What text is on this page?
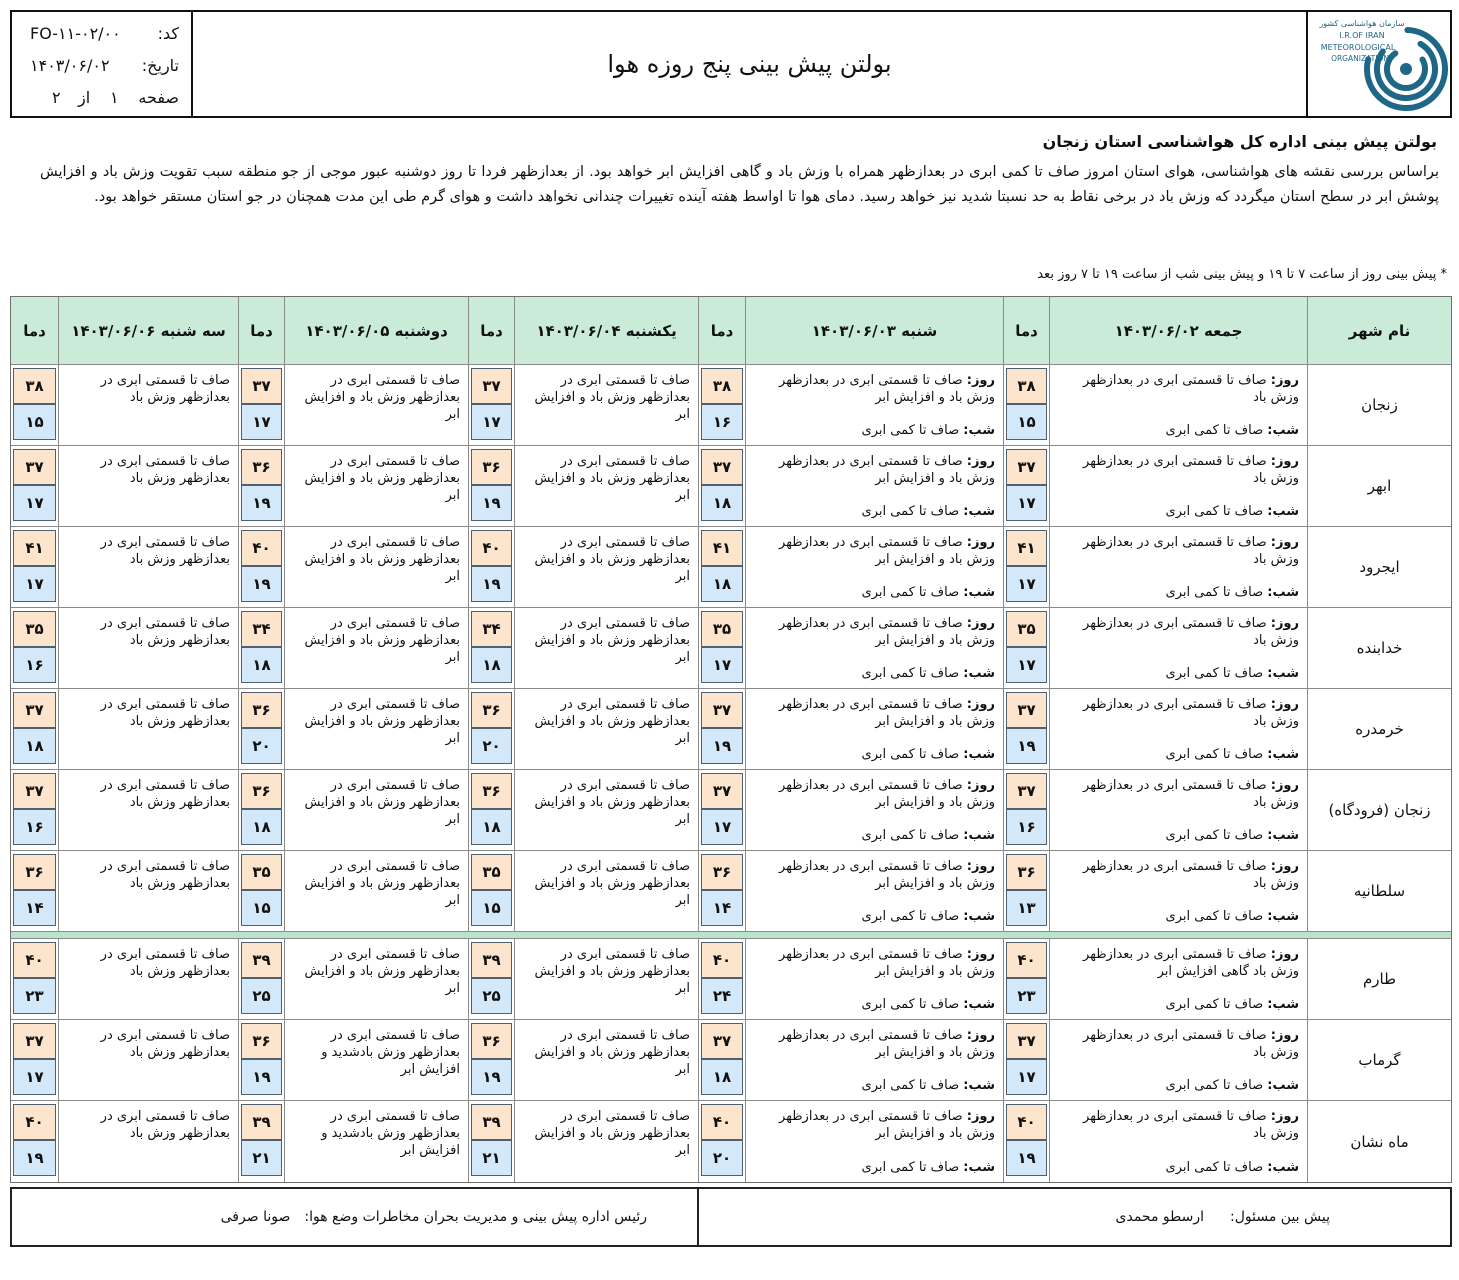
کد:
FO-۱۱-۰۲/۰۰
تاریخ:
۱۴۰۳/۰۶/۰۲
صفحه
۱
از
۲
بولتن پیش بینی پنج روزه هوا
سازمان هواشناسی کشور
I.R.OF IRAN
METEOROLOGICAL
ORGANIZATION
بولتن پیش بینی اداره کل هواشناسی استان زنجان
براساس بررسی نقشه های هواشناسی، هوای استان امروز صاف تا کمی ابری در بعدازظهر همراه با وزش باد و گاهی افزایش ابر خواهد بود. از بعدازظهر فردا تا روز دوشنبه عبور موجی از جو منطقه سبب تقویت وزش باد و افزایش پوشش ابر در سطح استان میگردد که وزش باد در برخی نقاط به حد نسبتا شدید نیز خواهد رسید. دمای هوا تا اواسط هفته آینده تغییرات چندانی نخواهد داشت و هوای گرم طی این مدت همچنان در جو استان مستقر خواهد بود.
* پیش بینی روز از ساعت ۷ تا ۱۹ و پیش بینی شب از ساعت ۱۹ تا ۷ روز بعد
نام شهر
جمعه ۱۴۰۳/۰۶/۰۲
دما
شنبه ۱۴۰۳/۰۶/۰۳
دما
یکشنبه ۱۴۰۳/۰۶/۰۴
دما
دوشنبه ۱۴۰۳/۰۶/۰۵
دما
سه شنبه ۱۴۰۳/۰۶/۰۶
دما
زنجان
روز: صاف تا قسمتی ابری در بعدازظهر وزش باد
شب: صاف تا کمی ابری
۳۸
۱۵
روز: صاف تا قسمتی ابری در بعدازظهر وزش باد و افزایش ابر
شب: صاف تا کمی ابری
۳۸
۱۶
صاف تا قسمتی ابری در بعدازظهر وزش باد و افزایش ابر
۳۷
۱۷
صاف تا قسمتی ابری در بعدازظهر وزش باد و افزایش ابر
۳۷
۱۷
صاف تا قسمتی ابری در بعدازظهر وزش باد
۳۸
۱۵
ابهر
روز: صاف تا قسمتی ابری در بعدازظهر وزش باد
شب: صاف تا کمی ابری
۳۷
۱۷
روز: صاف تا قسمتی ابری در بعدازظهر وزش باد و افزایش ابر
شب: صاف تا کمی ابری
۳۷
۱۸
صاف تا قسمتی ابری در بعدازظهر وزش باد و افزایش ابر
۳۶
۱۹
صاف تا قسمتی ابری در بعدازظهر وزش باد و افزایش ابر
۳۶
۱۹
صاف تا قسمتی ابری در بعدازظهر وزش باد
۳۷
۱۷
ایجرود
روز: صاف تا قسمتی ابری در بعدازظهر وزش باد
شب: صاف تا کمی ابری
۴۱
۱۷
روز: صاف تا قسمتی ابری در بعدازظهر وزش باد و افزایش ابر
شب: صاف تا کمی ابری
۴۱
۱۸
صاف تا قسمتی ابری در بعدازظهر وزش باد و افزایش ابر
۴۰
۱۹
صاف تا قسمتی ابری در بعدازظهر وزش باد و افزایش ابر
۴۰
۱۹
صاف تا قسمتی ابری در بعدازظهر وزش باد
۴۱
۱۷
خدابنده
روز: صاف تا قسمتی ابری در بعدازظهر وزش باد
شب: صاف تا کمی ابری
۳۵
۱۷
روز: صاف تا قسمتی ابری در بعدازظهر وزش باد و افزایش ابر
شب: صاف تا کمی ابری
۳۵
۱۷
صاف تا قسمتی ابری در بعدازظهر وزش باد و افزایش ابر
۳۴
۱۸
صاف تا قسمتی ابری در بعدازظهر وزش باد و افزایش ابر
۳۴
۱۸
صاف تا قسمتی ابری در بعدازظهر وزش باد
۳۵
۱۶
خرمدره
روز: صاف تا قسمتی ابری در بعدازظهر وزش باد
شب: صاف تا کمی ابری
۳۷
۱۹
روز: صاف تا قسمتی ابری در بعدازظهر وزش باد و افزایش ابر
شب: صاف تا کمی ابری
۳۷
۱۹
صاف تا قسمتی ابری در بعدازظهر وزش باد و افزایش ابر
۳۶
۲۰
صاف تا قسمتی ابری در بعدازظهر وزش باد و افزایش ابر
۳۶
۲۰
صاف تا قسمتی ابری در بعدازظهر وزش باد
۳۷
۱۸
زنجان (فرودگاه)
روز: صاف تا قسمتی ابری در بعدازظهر وزش باد
شب: صاف تا کمی ابری
۳۷
۱۶
روز: صاف تا قسمتی ابری در بعدازظهر وزش باد و افزایش ابر
شب: صاف تا کمی ابری
۳۷
۱۷
صاف تا قسمتی ابری در بعدازظهر وزش باد و افزایش ابر
۳۶
۱۸
صاف تا قسمتی ابری در بعدازظهر وزش باد و افزایش ابر
۳۶
۱۸
صاف تا قسمتی ابری در بعدازظهر وزش باد
۳۷
۱۶
سلطانیه
روز: صاف تا قسمتی ابری در بعدازظهر وزش باد
شب: صاف تا کمی ابری
۳۶
۱۳
روز: صاف تا قسمتی ابری در بعدازظهر وزش باد و افزایش ابر
شب: صاف تا کمی ابری
۳۶
۱۴
صاف تا قسمتی ابری در بعدازظهر وزش باد و افزایش ابر
۳۵
۱۵
صاف تا قسمتی ابری در بعدازظهر وزش باد و افزایش ابر
۳۵
۱۵
صاف تا قسمتی ابری در بعدازظهر وزش باد
۳۶
۱۴
طارم
روز: صاف تا قسمتی ابری در بعدازظهر وزش باد گاهی افزایش ابر
شب: صاف تا کمی ابری
۴۰
۲۳
روز: صاف تا قسمتی ابری در بعدازظهر وزش باد و افزایش ابر
شب: صاف تا کمی ابری
۴۰
۲۴
صاف تا قسمتی ابری در بعدازظهر وزش باد و افزایش ابر
۳۹
۲۵
صاف تا قسمتی ابری در بعدازظهر وزش باد و افزایش ابر
۳۹
۲۵
صاف تا قسمتی ابری در بعدازظهر وزش باد
۴۰
۲۳
گرماب
روز: صاف تا قسمتی ابری در بعدازظهر وزش باد
شب: صاف تا کمی ابری
۳۷
۱۷
روز: صاف تا قسمتی ابری در بعدازظهر وزش باد و افزایش ابر
شب: صاف تا کمی ابری
۳۷
۱۸
صاف تا قسمتی ابری در بعدازظهر وزش باد و افزایش ابر
۳۶
۱۹
صاف تا قسمتی ابری در بعدازظهر وزش بادشدید و افزایش ابر
۳۶
۱۹
صاف تا قسمتی ابری در بعدازظهر وزش باد
۳۷
۱۷
ماه نشان
روز: صاف تا قسمتی ابری در بعدازظهر وزش باد
شب: صاف تا کمی ابری
۴۰
۱۹
روز: صاف تا قسمتی ابری در بعدازظهر وزش باد و افزایش ابر
شب: صاف تا کمی ابری
۴۰
۲۰
صاف تا قسمتی ابری در بعدازظهر وزش باد و افزایش ابر
۳۹
۲۱
صاف تا قسمتی ابری در بعدازظهر وزش بادشدید و افزایش ابر
۳۹
۲۱
صاف تا قسمتی ابری در بعدازظهر وزش باد
۴۰
۱۹
رئیس اداره پیش بینی و مدیریت بحران مخاطرات وضع هوا:
صونا صرفی	پیش بین مسئول:
ارسطو محمدی
